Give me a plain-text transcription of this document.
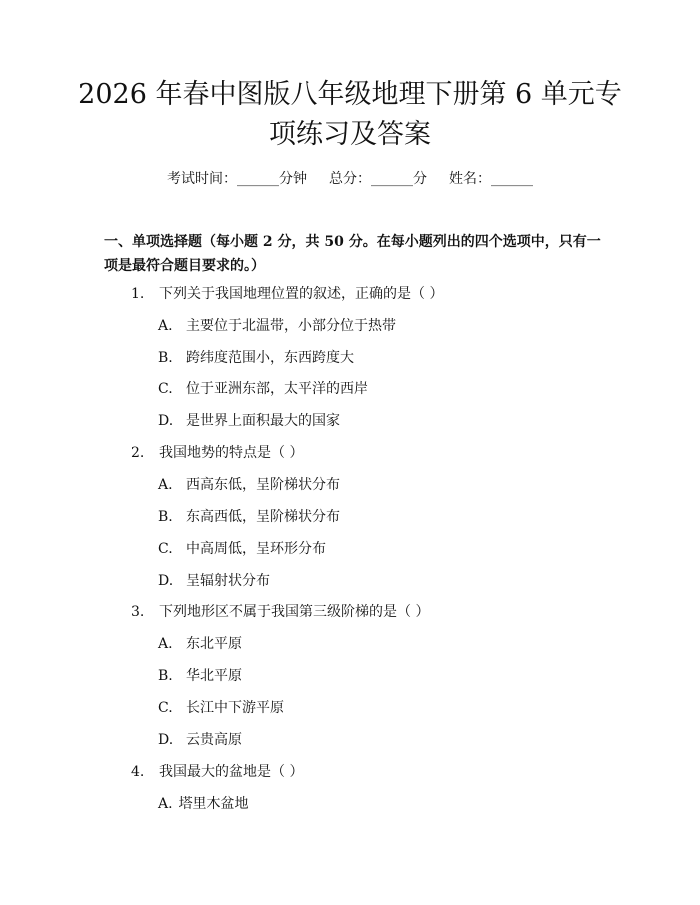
2026 年春中图版八年级地理下册第 6 单元专
项练习及答案
考试时间：______分钟 总分：______分 姓名：______
一、单项选择题（每小题 2 分，共 50 分。在每小题列出的四个选项中，只有一项是最符合题目要求的。）
1. 下列关于我国地理位置的叙述，正确的是（ ）
A. 主要位于北温带，小部分位于热带
B. 跨纬度范围小，东西跨度大
C. 位于亚洲东部，太平洋的西岸
D. 是世界上面积最大的国家
2. 我国地势的特点是（ ）
A. 西高东低，呈阶梯状分布
B. 东高西低，呈阶梯状分布
C. 中高周低，呈环形分布
D. 呈辐射状分布
3. 下列地形区不属于我国第三级阶梯的是（ ）
A. 东北平原
B. 华北平原
C. 长江中下游平原
D. 云贵高原
4. 我国最大的盆地是（ ）
A. 塔里木盆地
